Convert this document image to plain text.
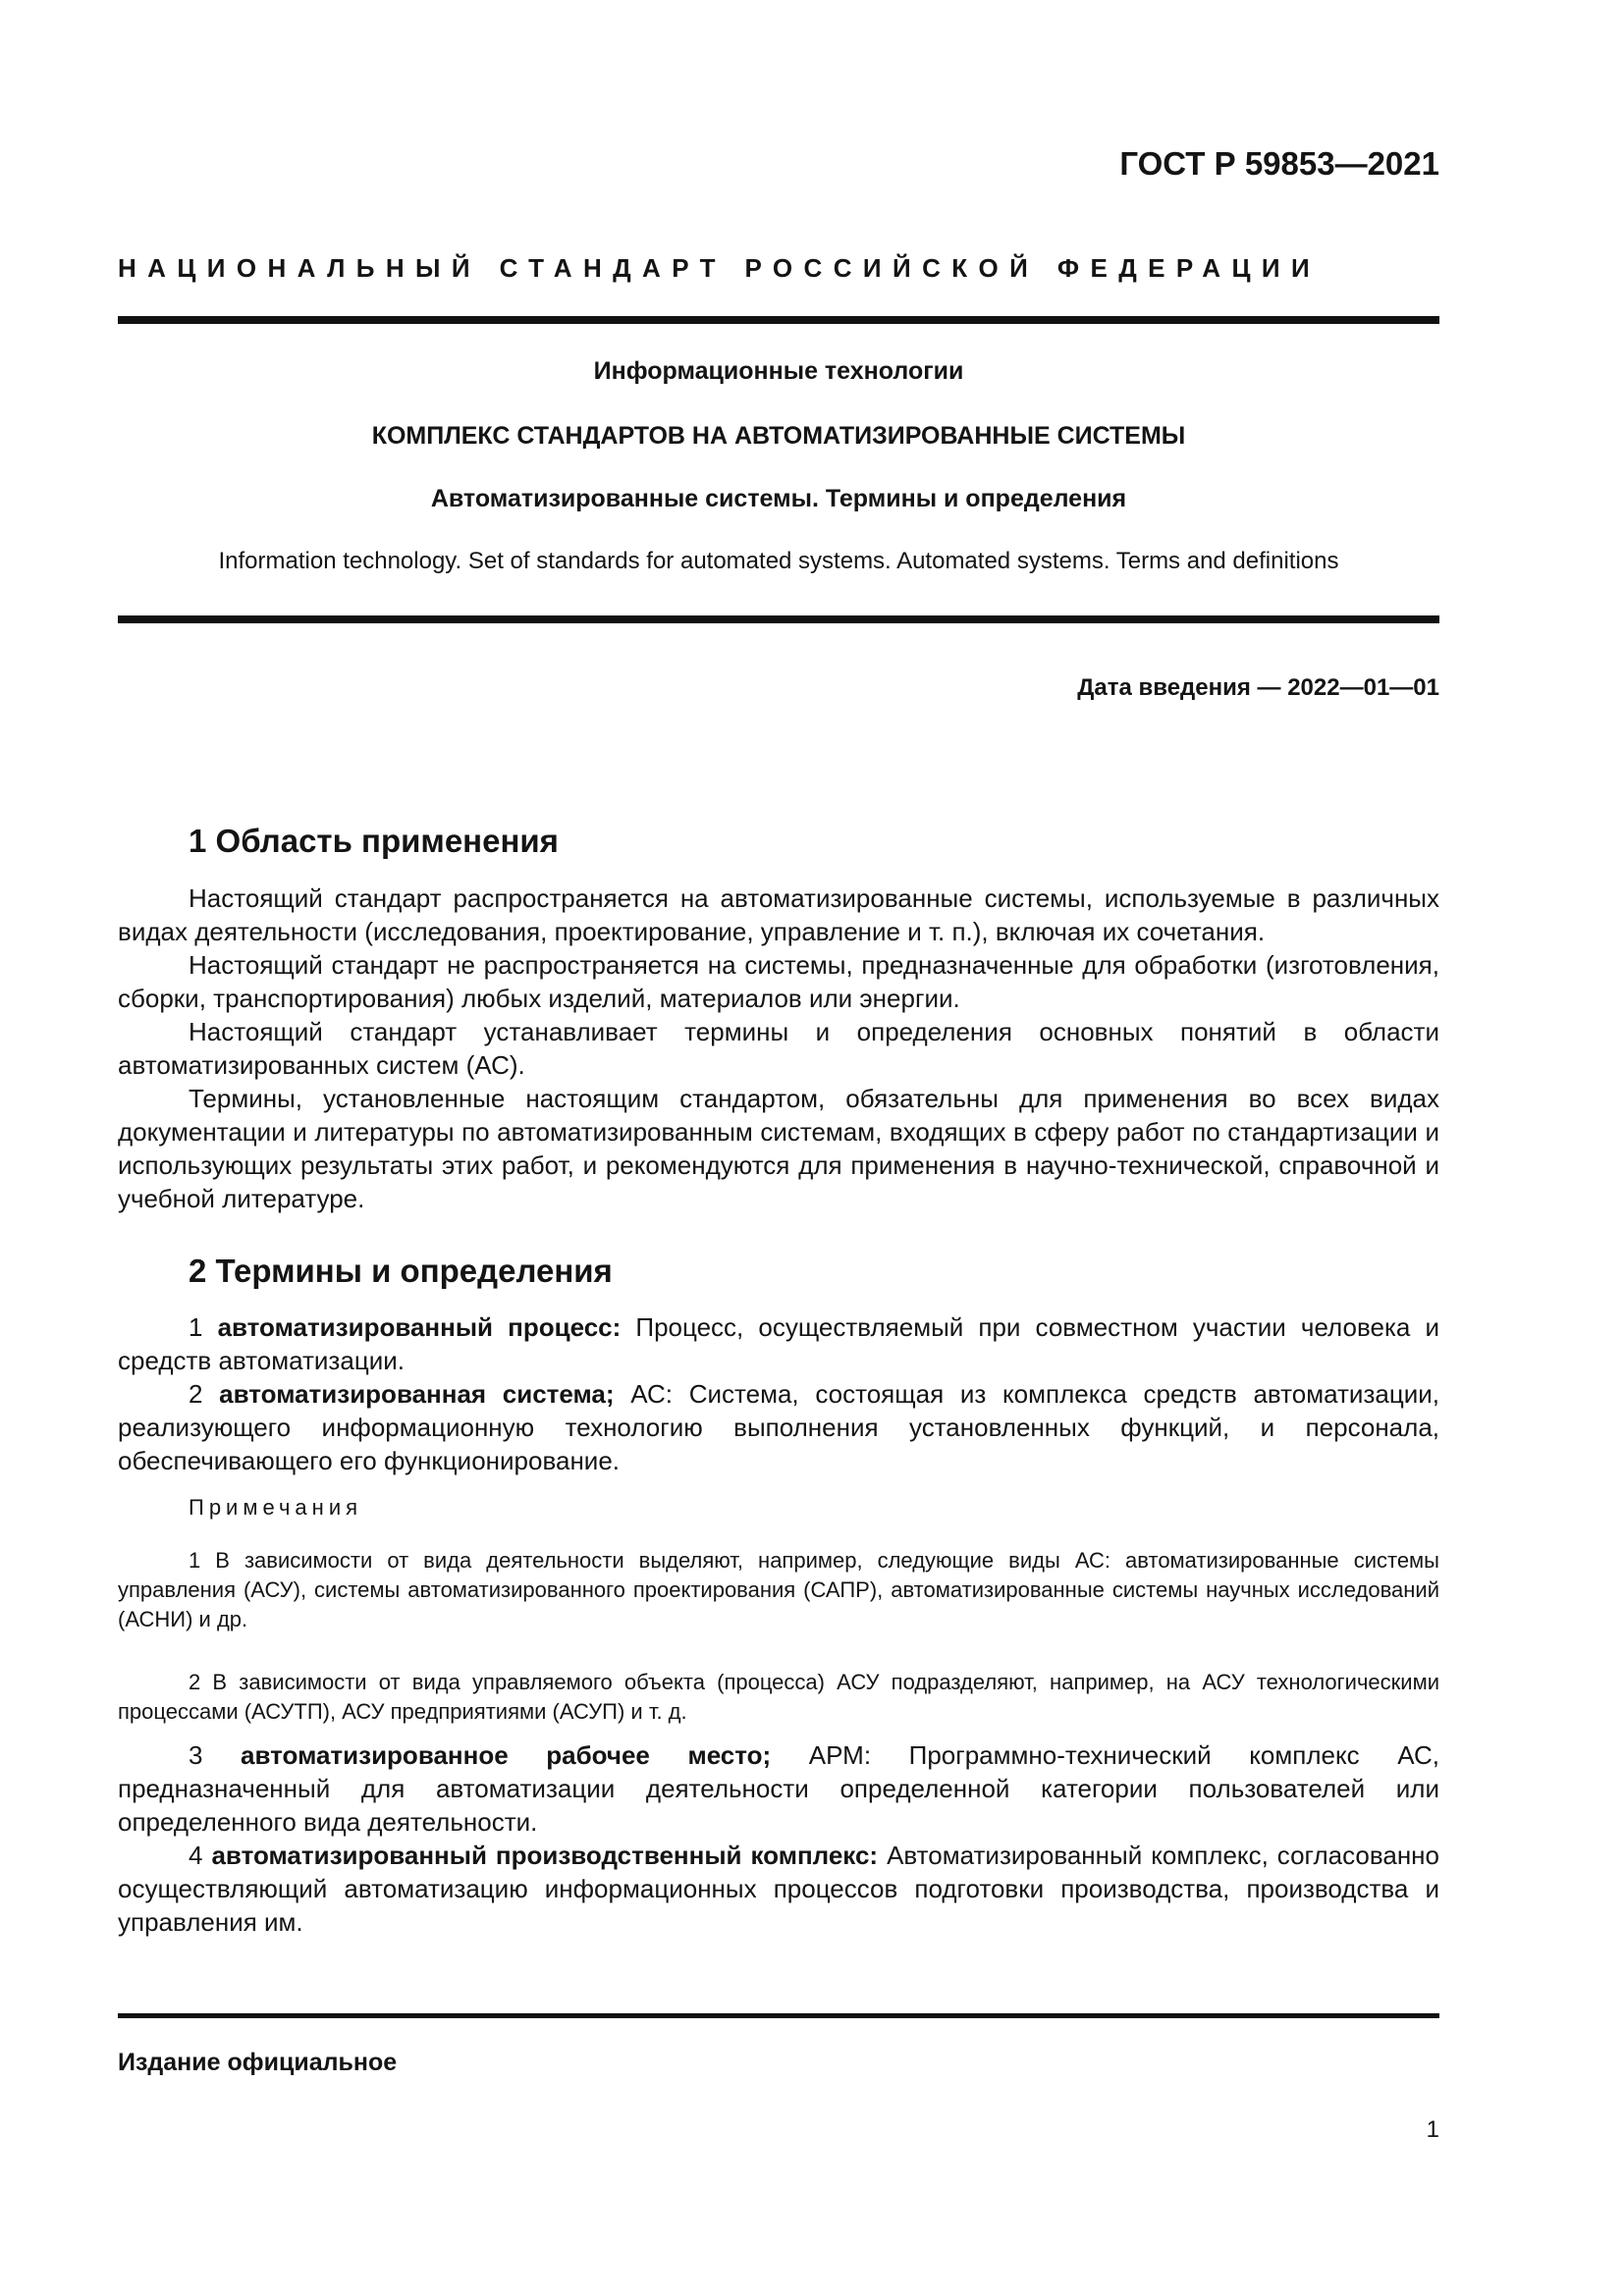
ГОСТ Р 59853—2021

НАЦИОНАЛЬНЫЙ СТАНДАРТ РОССИЙСКОЙ ФЕДЕРАЦИИ

Информационные технологии

КОМПЛЕКС СТАНДАРТОВ НА АВТОМАТИЗИРОВАННЫЕ СИСТЕМЫ

Автоматизированные системы. Термины и определения

Information technology. Set of standards for automated systems. Automated systems. Terms and definitions

Дата введения — 2022—01—01

1 Область применения

Настоящий стандарт распространяется на автоматизированные системы, используемые в различных видах деятельности (исследования, проектирование, управление и т. п.), включая их сочетания.

Настоящий стандарт не распространяется на системы, предназначенные для обработки (изготовления, сборки, транспортирования) любых изделий, материалов или энергии.

Настоящий стандарт устанавливает термины и определения основных понятий в области автоматизированных систем (АС).

Термины, установленные настоящим стандартом, обязательны для применения во всех видах документации и литературы по автоматизированным системам, входящих в сферу работ по стандартизации и использующих результаты этих работ, и рекомендуются для применения в научно-технической, справочной и учебной литературе.

2 Термины и определения

1 автоматизированный процесс: Процесс, осуществляемый при совместном участии человека и средств автоматизации.

2 автоматизированная система; АС: Система, состоящая из комплекса средств автоматизации, реализующего информационную технологию выполнения установленных функций, и персонала, обеспечивающего его функционирование.

Примечания

1 В зависимости от вида деятельности выделяют, например, следующие виды АС: автоматизированные системы управления (АСУ), системы автоматизированного проектирования (САПР), автоматизированные системы научных исследований (АСНИ) и др.

2 В зависимости от вида управляемого объекта (процесса) АСУ подразделяют, например, на АСУ технологическими процессами (АСУТП), АСУ предприятиями (АСУП) и т. д.

3 автоматизированное рабочее место; АРМ: Программно-технический комплекс АС, предназначенный для автоматизации деятельности определенной категории пользователей или определенного вида деятельности.

4 автоматизированный производственный комплекс: Автоматизированный комплекс, согласованно осуществляющий автоматизацию информационных процессов подготовки производства, производства и управления им.

Издание официальное

1
